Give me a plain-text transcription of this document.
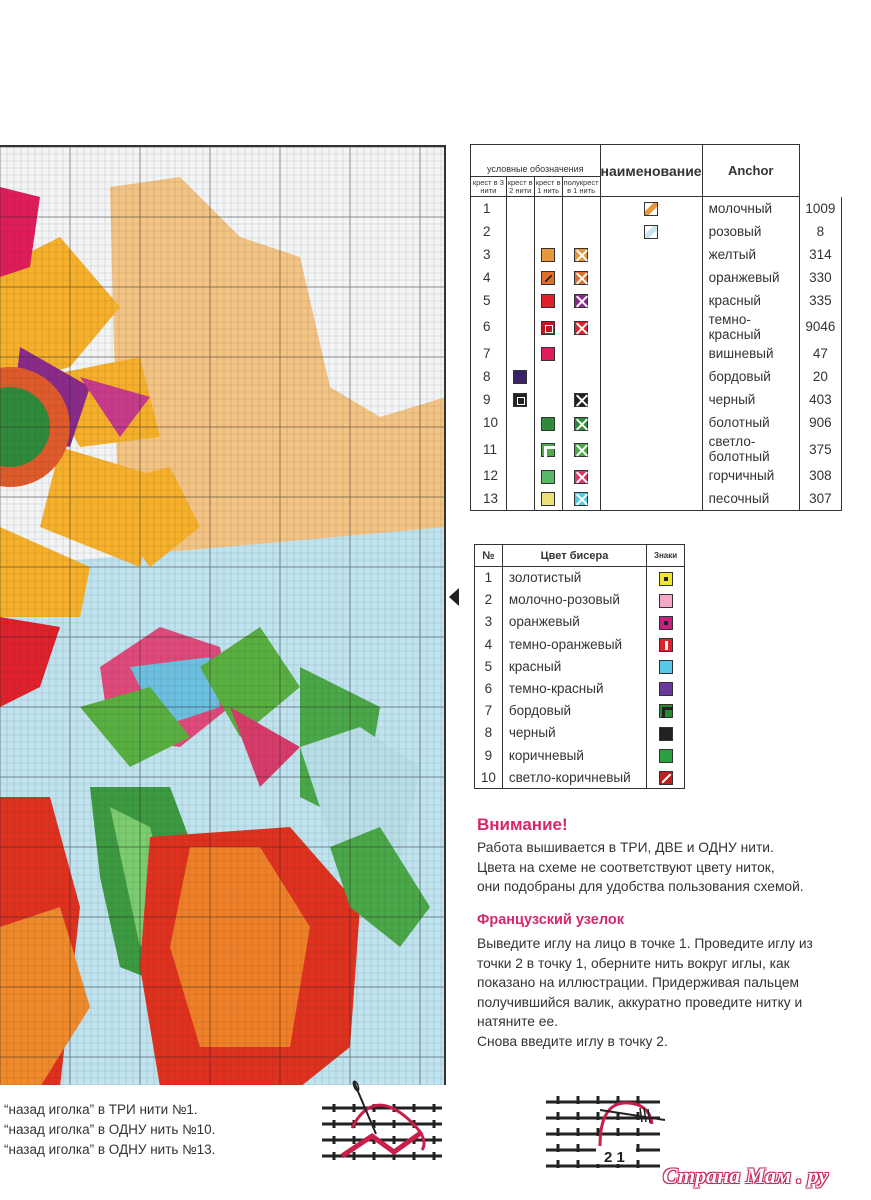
условные обозначения				наименование	Anchor	
крест в 3 нити	крест в 2 нити	крест в 1 нить	полукрест в 1 нить			
1					молочный	1009
2					розовый	8
3					желтый	314
4					оранжевый	330
5					красный	335
6					темно-красный	9046
7					вишневый	47
8					бордовый	20
9					черный	403
10					болотный	906
11					светло-болотный	375
12					горчичный	308
13					песочный	307
№	Цвет бисера	Знаки
1	золотистый	
2	молочно-розовый	
3	оранжевый	
4	темно-оранжевый	
5	красный	
6	темно-красный	
7	бордовый	
8	черный	
9	коричневый	
10	светло-коричневый	
Внимание!
Работа вышивается в ТРИ, ДВЕ и ОДНУ нити.
Цвета на схеме не соответствуют цвету ниток,
они подобраны для удобства пользования схемой.
Французский узелок
Выведите иглу на лицо в точке 1. Проведите иглу из
точки 2 в точку 1, оберните нить вокруг иглы, как
показано на иллюстрации. Придерживая пальцем
получившийся валик, аккуратно проведите нитку и
натяните ее.
Снова введите иглу в точку 2.
“назад иголка” в ТРИ нити №1.
“назад иголка” в ОДНУ нить №10.
“назад иголка” в ОДНУ нить №13.	2 1
Страна Мам . ру
